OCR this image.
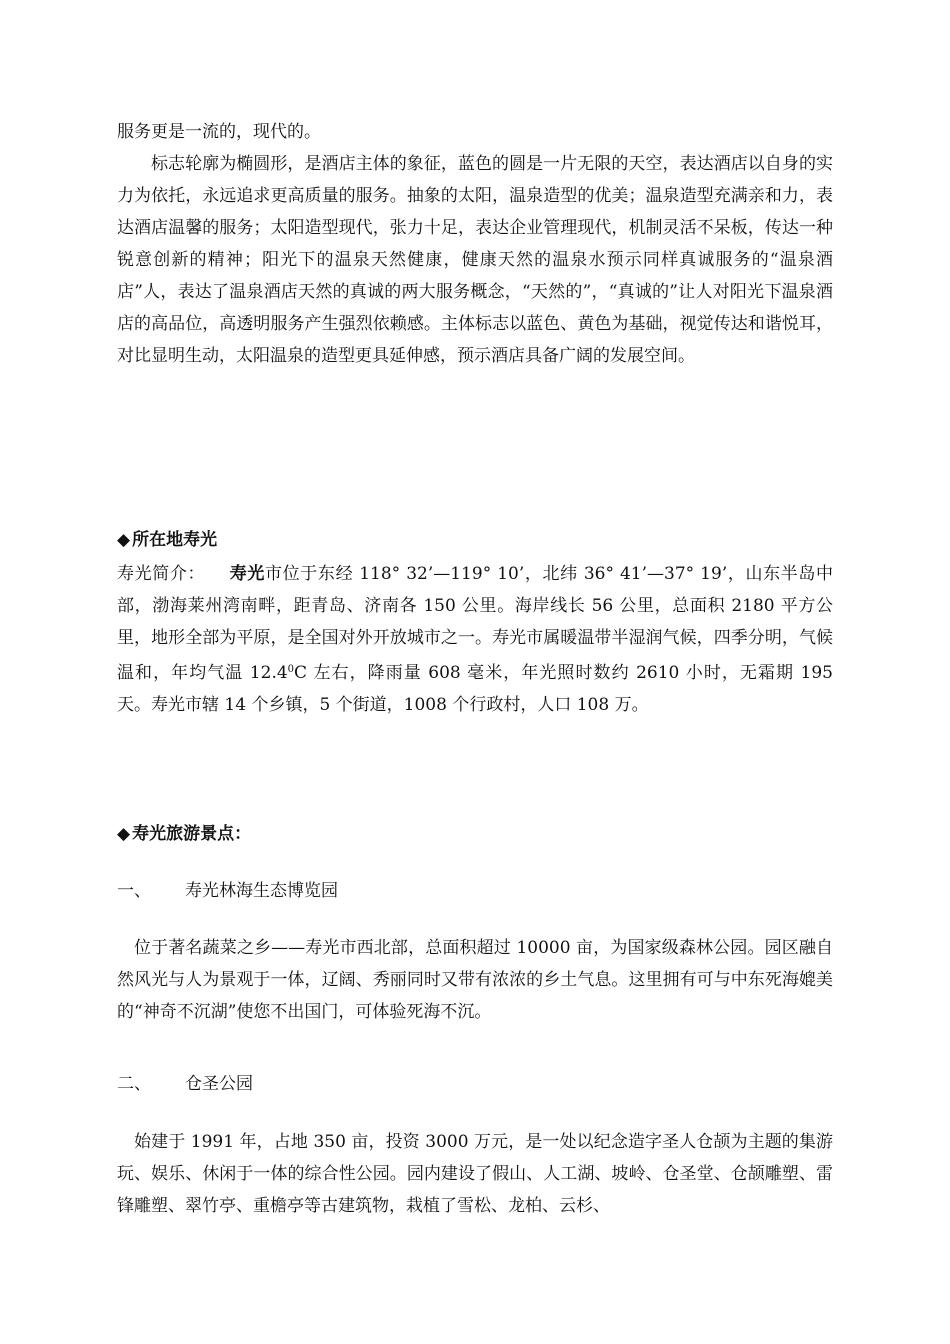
服务更是一流的，现代的。

标志轮廓为椭圆形，是酒店主体的象征，蓝色的圆是一片无限的天空，表达酒店以自身的实力为依托，永远追求更高质量的服务。抽象的太阳，温泉造型的优美；温泉造型充满亲和力，表达酒店温馨的服务；太阳造型现代，张力十足，表达企业管理现代，机制灵活不呆板，传达一种锐意创新的精神；阳光下的温泉天然健康，健康天然的温泉水预示同样真诚服务的“温泉酒店”人，表达了温泉酒店天然的真诚的两大服务概念，“天然的”，“真诚的”让人对阳光下温泉酒店的高品位，高透明服务产生强烈依赖感。主体标志以蓝色、黄色为基础，视觉传达和谐悦耳，对比显明生动，太阳温泉的造型更具延伸感，预示酒店具备广阔的发展空间。

◆ 所在地寿光

寿光简介： 寿光市位于东经 118° 32’—119° 10’，北纬 36° 41’—37° 19’，山东半岛中部，渤海莱州湾南畔，距青岛、济南各 150 公里。海岸线长 56 公里，总面积 2180 平方公里，地形全部为平原，是全国对外开放城市之一。寿光市属暖温带半湿润气候，四季分明，气候温和，年均气温 12.4$^0$C 左右，降雨量 608 毫米，年光照时数约 2610 小时，无霜期 195 天。寿光市辖 14 个乡镇，5 个街道，1008 个行政村，人口 108 万。

◆ 寿光旅游景点：
一、 寿光林海生态博览园

位于著名蔬菜之乡——寿光市西北部，总面积超过 10000 亩，为国家级森林公园。园区融自然风光与人为景观于一体，辽阔、秀丽同时又带有浓浓的乡土气息。这里拥有可与中东死海媲美的“神奇不沉湖”使您不出国门，可体验死海不沉。

二、 仓圣公园

始建于 1991 年，占地 350 亩，投资 3000 万元，是一处以纪念造字圣人仓颉为主题的集游玩、娱乐、休闲于一体的综合性公园。园内建设了假山、人工湖、坡岭、仓圣堂、仓颉雕塑、雷锋雕塑、翠竹亭、重檐亭等古建筑物，栽植了雪松、龙柏、云杉、
